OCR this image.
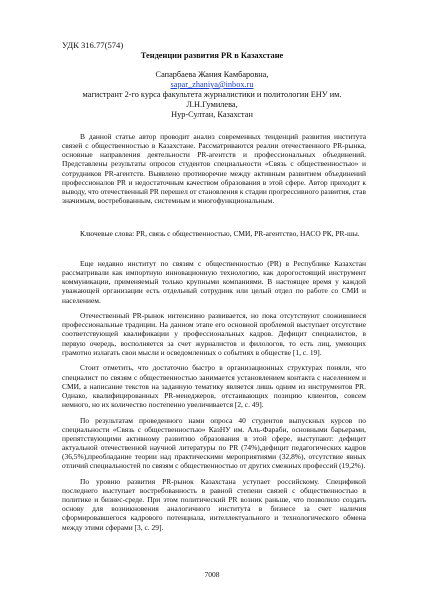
УДК 316.77(574)
Тенденции развития PR в Казахстане
Сапарбаева Жания Камбаровна,
sapar_zhaniya@inbox.ru
магистрант 2-го курса факультета журналистики и политологии ЕНУ им.
Л.Н.Гумилева,
Нур-Султан, Казахстан

В данной статье автор проводит анализ современных тенденций развития института связей с общественностью в Казахстане. Рассматриваются реалии отечественного PR-рынка, основные направления деятельности PR-агентств и профессиональных объединений. Представлены результаты опросов студентов специальности «Связь с общественностью» и сотрудников PR-агентств. Выявлено противоречие между активным развитием объединений профессионалов PR и недостаточным качеством образования в этой сфере. Автор приходит к выводу, что отечественный PR перешел от становления к стадии прогрессивного развития, став значимым, востребованным, системным и многофункциональным.

Ключевые слова: PR, связь с общественностью, СМИ, PR-агентство, НАСО РК, PR-шы.

Еще недавно институт по связям с общественностью (PR) в Республике Казахстан рассматривали как импортную инновационную технологию, как дорогостоящий инструмент коммуникации, применяемый только крупными компаниями. В настоящее время у каждой уважающей организации есть отдельный сотрудник или целый отдел по работе со СМИ и населением.

Отечественный PR-рынок интенсивно развивается, но пока отсутствуют сложившиеся профессиональные традиции. На данном этапе его основной проблемой выступает отсутствие соответствующей квалификации у профессиональных кадров. Дефицит специалистов, в первую очередь, восполняется за счет журналистов и филологов, то есть лиц, умеющих грамотно излагать свои мысли и осведомленных о событиях в обществе [1, с. 19].

Стоит отметить, что достаточно быстро в организационных структурах поняли, что специалист по связям с общественностью занимается установлением контакта с населением и СМИ, а написание текстов на заданную тематику является лишь одним из инструментов PR. Однако, квалифицированных PR-менеджеров, отстаивающих позицию клиентов, совсем немного, но их количество постепенно увеличивается [2, с. 49].

По результатам проведенного нами опроса 40 студентов выпускных курсов по специальности «Связь с общественностью» КазНУ им. Аль-Фараби, основными барьерами, препятствующими активному развитию образования в этой сфере, выступают: дефицит актуальной отечественной научной литературы по PR (74%),дефицит педагогических кадров (36,5%),преобладание теории над практическими мероприятиями (32,8%), отсутствие явных отличий специальностей по связям с общественностью от других смежных профессий (19,2%).

По уровню развития PR-рынок Казахстана уступает российскому. Спецификой последнего выступает востребованность в равной степени связей с общественностью в политике и бизнес-среде. При этом политический PR возник раньше, что позволило создать основу для возникновения аналогичного института в бизнесе за счет наличия сформировавшегося кадрового потенциала, интеллектуального и технологического обмена между этими сферами [3, с. 29].

7008
